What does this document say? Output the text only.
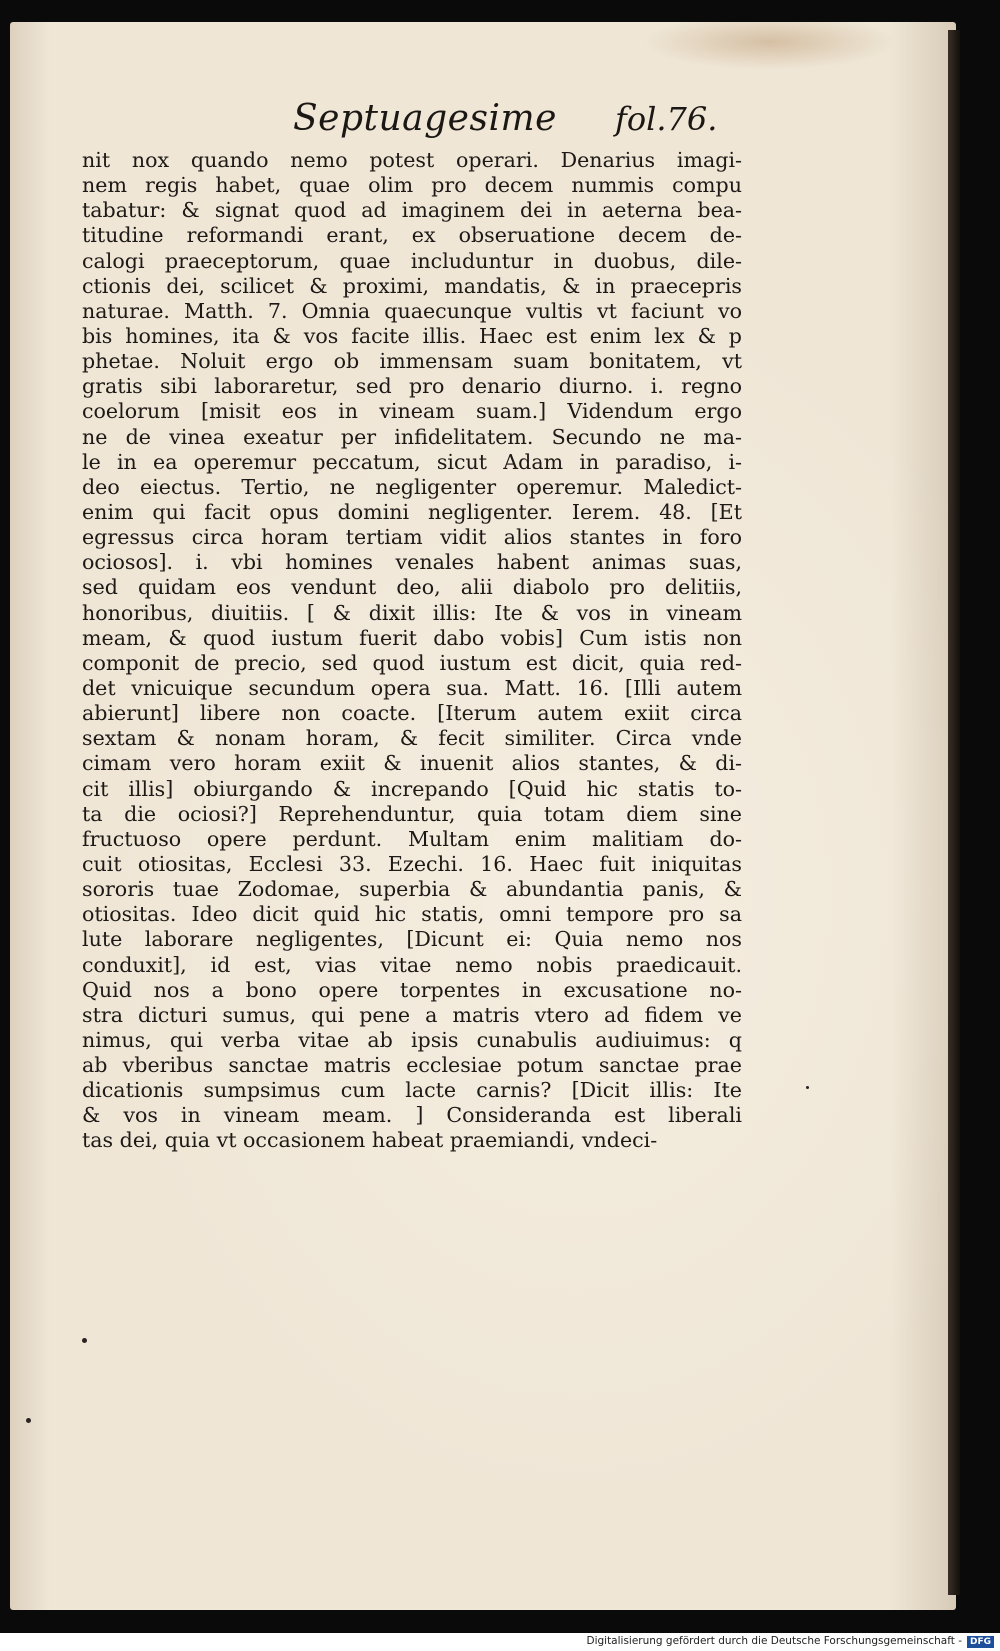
Septuagesime fol.76.
nit nox quando nemo potest operari. Denarius imagi-
nem regis habet, quae olim pro decem nummis compu
tabatur: & signat quod ad imaginem dei in aeterna bea-
titudine reformandi erant, ex obseruatione decem de-
calogi praeceptorum, quae includuntur in duobus, dile-
ctionis dei, scilicet & proximi, mandatis, & in praecepris
naturae. Matth. 7. Omnia quaecunque vultis vt faciunt vo
bis homines, ita & vos facite illis. Haec est enim lex & p
phetae. Noluit ergo ob immensam suam bonitatem, vt
gratis sibi laboraretur, sed pro denario diurno. i. regno
coelorum [misit eos in vineam suam.] Videndum ergo
ne de vinea exeatur per infidelitatem. Secundo ne ma-
le in ea operemur peccatum, sicut Adam in paradiso, i-
deo eiectus. Tertio, ne negligenter operemur. Maledict-
enim qui facit opus domini negligenter. Ierem. 48. [Et
egressus circa horam tertiam vidit alios stantes in foro
ociosos]. i. vbi homines venales habent animas suas,
sed quidam eos vendunt deo, alii diabolo pro delitiis,
honoribus, diuitiis. [ & dixit illis: Ite & vos in vineam
meam, & quod iustum fuerit dabo vobis] Cum istis non
componit de precio, sed quod iustum est dicit, quia red-
det vnicuique secundum opera sua. Matt. 16. [Illi autem
abierunt] libere non coacte. [Iterum autem exiit circa
sextam & nonam horam, & fecit similiter. Circa vnde
cimam vero horam exiit & inuenit alios stantes, & di-
cit illis] obiurgando & increpando [Quid hic statis to-
ta die ociosi?] Reprehenduntur, quia totam diem sine
fructuoso opere perdunt. Multam enim malitiam do-
cuit otiositas, Ecclesi 33. Ezechi. 16. Haec fuit iniquitas
sororis tuae Zodomae, superbia & abundantia panis, &
otiositas. Ideo dicit quid hic statis, omni tempore pro sa
lute laborare negligentes, [Dicunt ei: Quia nemo nos
conduxit], id est, vias vitae nemo nobis praedicauit.
Quid nos a bono opere torpentes in excusatione no-
stra dicturi sumus, qui pene a matris vtero ad fidem ve
nimus, qui verba vitae ab ipsis cunabulis audiuimus: q
ab vberibus sanctae matris ecclesiae potum sanctae prae
dicationis sumpsimus cum lacte carnis? [Dicit illis: Ite
& vos in vineam meam. ] Considerandа est liberali
tas dei, quia vt occasionem habeat praemiandi, vndeci-
Digitalisierung gefördert durch die Deutsche Forschungsgemeinschaft - DFG
